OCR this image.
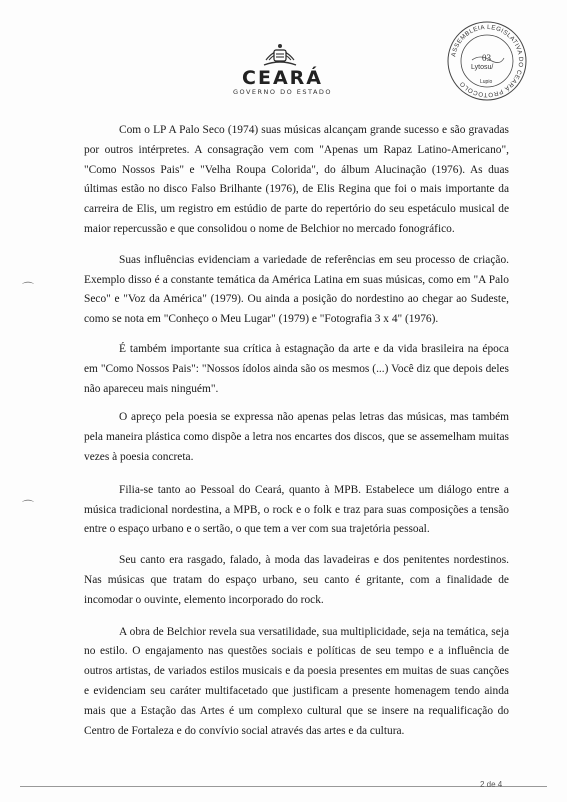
CEARÁ
GOVERNO DO ESTADO
ASSEMBLEIA LEGISLATIVA DO CEARÁ PROTOCOLO
03
Lytosu/
Lupio
⌒
⌒

Com o LP A Palo Seco (1974) suas músicas alcançam grande sucesso e são gravadas por outros intérpretes. A consagração vem com "Apenas um Rapaz Latino-Americano", "Como Nossos Pais" e "Velha Roupa Colorida", do álbum Alucinação (1976). As duas últimas estão no disco Falso Brilhante (1976), de Elis Regina que foi o mais importante da carreira de Elis, um registro em estúdio de parte do repertório do seu espetáculo musical de maior repercussão e que consolidou o nome de Belchior no mercado fonográfico.

Suas influências evidenciam a variedade de referências em seu processo de criação. Exemplo disso é a constante temática da América Latina em suas músicas, como em "A Palo Seco" e "Voz da América" (1979). Ou ainda a posição do nordestino ao chegar ao Sudeste, como se nota em "Conheço o Meu Lugar" (1979) e "Fotografia 3 x 4" (1976).

É também importante sua crítica à estagnação da arte e da vida brasileira na época em "Como Nossos Pais": "Nossos ídolos ainda são os mesmos (...) Você diz que depois deles não apareceu mais ninguém".

O apreço pela poesia se expressa não apenas pelas letras das músicas, mas também pela maneira plástica como dispõe a letra nos encartes dos discos, que se assemelham muitas vezes à poesia concreta.

Filia-se tanto ao Pessoal do Ceará, quanto à MPB. Estabelece um diálogo entre a música tradicional nordestina, a MPB, o rock e o folk e traz para suas composições a tensão entre o espaço urbano e o sertão, o que tem a ver com sua trajetória pessoal.

Seu canto era rasgado, falado, à moda das lavadeiras e dos penitentes nordestinos. Nas músicas que tratam do espaço urbano, seu canto é gritante, com a finalidade de incomodar o ouvinte, elemento incorporado do rock.

A obra de Belchior revela sua versatilidade, sua multiplicidade, seja na temática, seja no estilo. O engajamento nas questões sociais e políticas de seu tempo e a influência de outros artistas, de variados estilos musicais e da poesia presentes em muitas de suas canções e evidenciam seu caráter multifacetado que justificam a presente homenagem tendo ainda mais que a Estação das Artes é um complexo cultural que se insere na requalificação do Centro de Fortaleza e do convívio social através das artes e da cultura.

2 de 4
